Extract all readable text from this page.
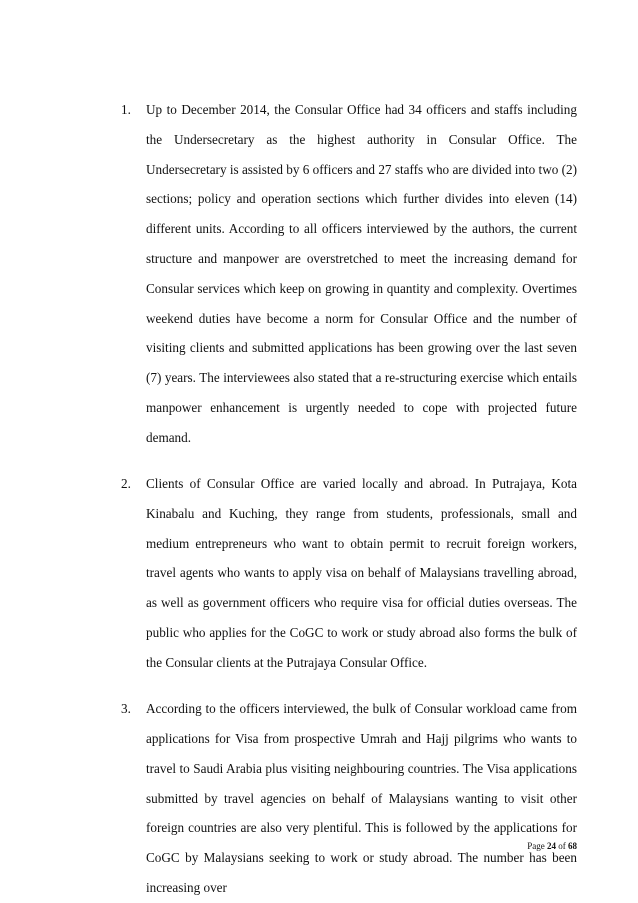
1. Up to December 2014, the Consular Office had 34 officers and staffs including the Undersecretary as the highest authority in Consular Office. The Undersecretary is assisted by 6 officers and 27 staffs who are divided into two (2) sections; policy and operation sections which further divides into eleven (14) different units. According to all officers interviewed by the authors, the current structure and manpower are overstretched to meet the increasing demand for Consular services which keep on growing in quantity and complexity. Overtimes weekend duties have become a norm for Consular Office and the number of visiting clients and submitted applications has been growing over the last seven (7) years. The interviewees also stated that a re-structuring exercise which entails manpower enhancement is urgently needed to cope with projected future demand.
2. Clients of Consular Office are varied locally and abroad. In Putrajaya, Kota Kinabalu and Kuching, they range from students, professionals, small and medium entrepreneurs who want to obtain permit to recruit foreign workers, travel agents who wants to apply visa on behalf of Malaysians travelling abroad, as well as government officers who require visa for official duties overseas. The public who applies for the CoGC to work or study abroad also forms the bulk of the Consular clients at the Putrajaya Consular Office.
3. According to the officers interviewed, the bulk of Consular workload came from applications for Visa from prospective Umrah and Hajj pilgrims who wants to travel to Saudi Arabia plus visiting neighbouring countries. The Visa applications submitted by travel agencies on behalf of Malaysians wanting to visit other foreign countries are also very plentiful. This is followed by the applications for CoGC by Malaysians seeking to work or study abroad. The number has been increasing over
Page 24 of 68
